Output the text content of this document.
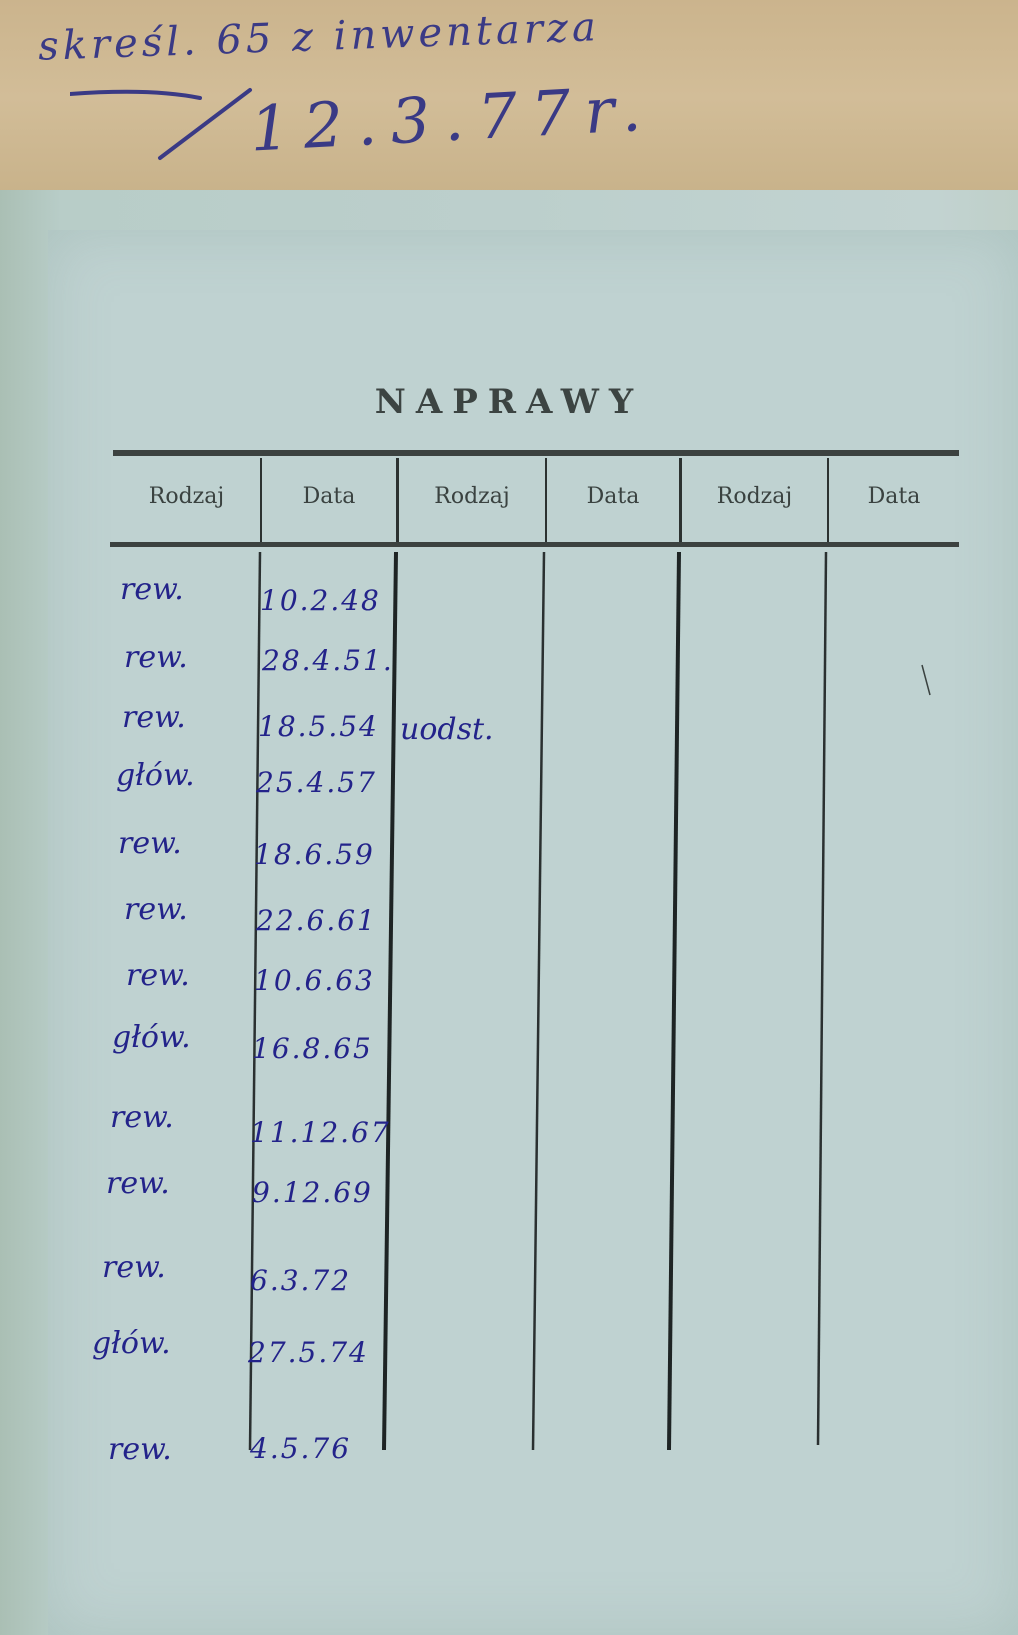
skreśl. 65 z inwentarza
12.3.77r.
NAPRAWY
Rodzaj	Data	Rodzaj	Data	Rodzaj	Data
rew.	10.2.48
rew.	28.4.51.
rew.	18.5.54 uodst.
głów. 25.4.57
rew.	18.6.59
rew. 22.6.61
rew. 10.6.63
głów. 16.8.65
rew.	11.12.67
rew.	9.12.69
rew.	6.3.72
głów.	27.5.74
rew.	4.5.76
